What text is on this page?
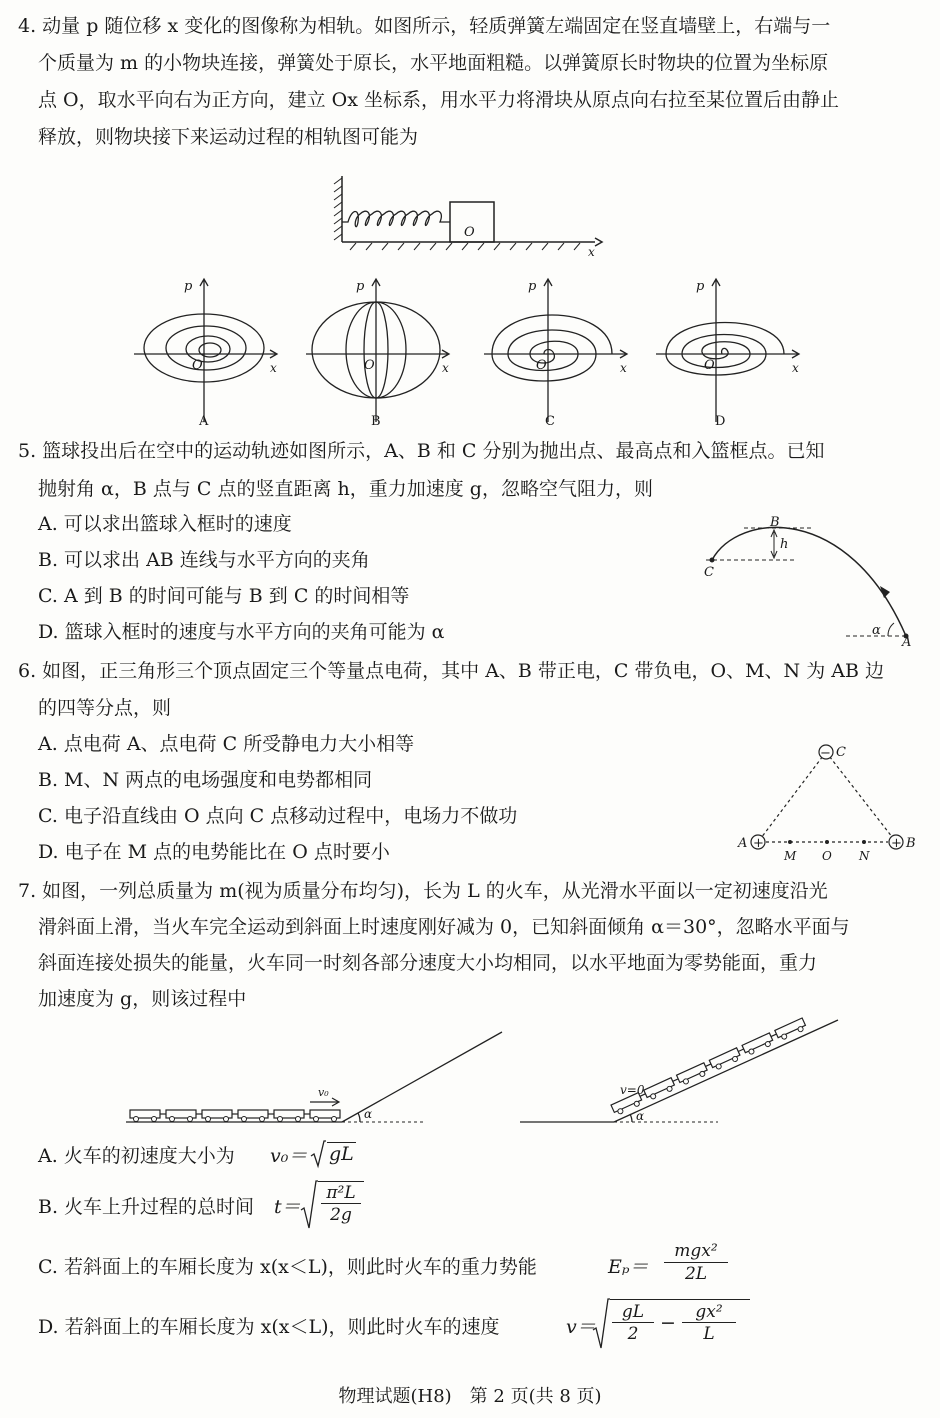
4. 动量 p 随位移 x 变化的图像称为相轨。如图所示，轻质弹簧左端固定在竖直墙壁上，右端与一
个质量为 m 的小物块连接，弹簧处于原长，水平地面粗糙。以弹簧原长时物块的位置为坐标原
点 O，取水平向右为正方向，建立 Ox 坐标系，用水平力将滑块从原点向右拉至某位置后由静止
释放，则物块接下来运动过程的相轨图可能为
O
x
O
p
x
A
O
p
x
B
O
p
x
C
O
p
x
D
5. 篮球投出后在空中的运动轨迹如图所示，A、B 和 C 分别为抛出点、最高点和入篮框点。已知
抛射角 α，B 点与 C 点的竖直距离 h，重力加速度 g，忽略空气阻力，则
A. 可以求出篮球入框时的速度
B. 可以求出 AB 连线与水平方向的夹角
C. A 到 B 的时间可能与 B 到 C 的时间相等
D. 篮球入框时的速度与水平方向的夹角可能为 α
B
C
A
h
α
6. 如图，正三角形三个顶点固定三个等量点电荷，其中 A、B 带正电，C 带负电，O、M、N 为 AB 边
的四等分点，则
A. 点电荷 A、点电荷 C 所受静电力大小相等
B. M、N 两点的电场强度和电势都相同
C. 电子沿直线由 O 点向 C 点移动过程中，电场力不做功
D. 电子在 M 点的电势能比在 O 点时要小
−
+	+
C
A	B
M O N
7. 如图，一列总质量为 m(视为质量分布均匀)，长为 L 的火车，从光滑水平面以一定初速度沿光
滑斜面上滑，当火车完全运动到斜面上时速度刚好减为 0，已知斜面倾角 α＝30°，忽略水平面与
斜面连接处损失的能量，火车同一时刻各部分速度大小均相同，以水平地面为零势能面，重力
加速度为 g，则该过程中
v₀
α
v=0
α
A. 火车的初速度大小为 v₀＝ gL
B. 火车上升过程的总时间 $t= \frac{\text{π²L}}{2g}$
C. 若斜面上的车厢长度为 x(x＜L)，则此时火车的重力势能	Eₚ＝
mgx²
2L
D. 若斜面上的车厢长度为 x(x＜L)，则此时火车的速度	$v= \frac{gL}{2} - \frac{\text{gx²}}{L}$
物理试题(H8)　第 2 页(共 8 页)
